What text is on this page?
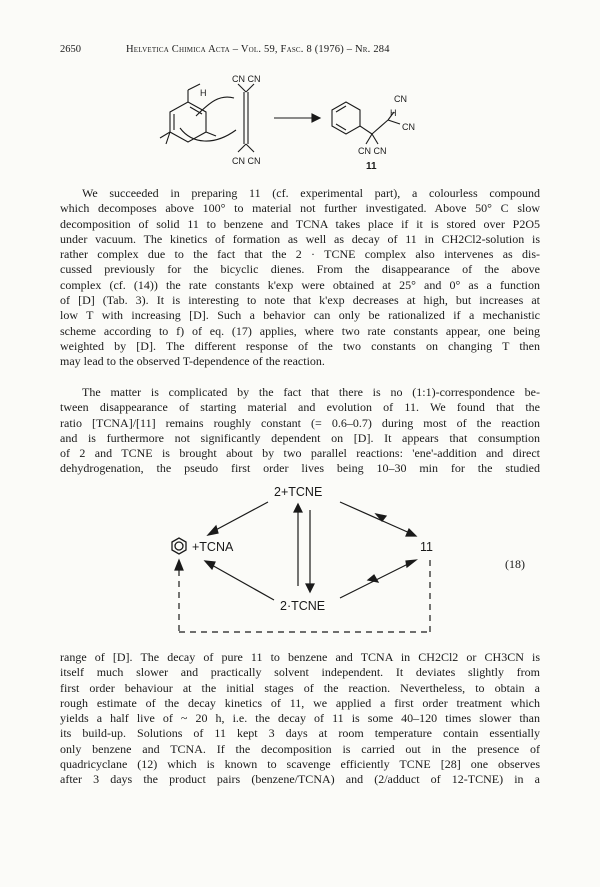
2650	Helvetica Chimica Acta – Vol. 59, Fasc. 8 (1976) – Nr. 284
H
CN CN
CN CN
CN
CN
H
CN CN
11
We succeeded in preparing 11 (cf. experimental part), a colourless compound
which decomposes above 100° to material not further investigated. Above 50° C slow
decomposition of solid 11 to benzene and TCNA takes place if it is stored over P2O5
under vacuum. The kinetics of formation as well as decay of 11 in CH2Cl2-solution is
rather complex due to the fact that the 2 · TCNE complex also intervenes as dis-
cussed previously for the bicyclic dienes. From the disappearance of the above
complex (cf. (14)) the rate constants k'exp were obtained at 25° and 0° as a function
of [D] (Tab. 3). It is interesting to note that k'exp decreases at high, but increases at
low T with increasing [D]. Such a behavior can only be rationalized if a mechanistic
scheme according to f) of eq. (17) applies, where two rate constants appear, one being
weighted by [D]. The different response of the two constants on changing T then
may lead to the observed T-dependence of the reaction.
The matter is complicated by the fact that there is no (1:1)-correspondence be-
tween disappearance of starting material and evolution of 11. We found that the
ratio [TCNA]/[11] remains roughly constant (= 0.6–0.7) during most of the reaction
and is furthermore not significantly dependent on [D]. It appears that consumption
of 2 and TCNE is brought about by two parallel reactions: 'ene'-addition and direct
dehydrogenation, the pseudo first order lives being 10–30 min for the studied
2+TCNE
+TCNA	11
2·TCNE
(18)
range of [D]. The decay of pure 11 to benzene and TCNA in CH2Cl2 or CH3CN is
itself much slower and practically solvent independent. It deviates slightly from
first order behaviour at the initial stages of the reaction. Nevertheless, to obtain a
rough estimate of the decay kinetics of 11, we applied a first order treatment which
yields a half live of ~ 20 h, i.e. the decay of 11 is some 40–120 times slower than
its build-up. Solutions of 11 kept 3 days at room temperature contain essentially
only benzene and TCNA. If the decomposition is carried out in the presence of
quadricyclane (12) which is known to scavenge efficiently TCNE [28] one observes
after 3 days the product pairs (benzene/TCNA) and (2/adduct of 12-TCNE) in a
